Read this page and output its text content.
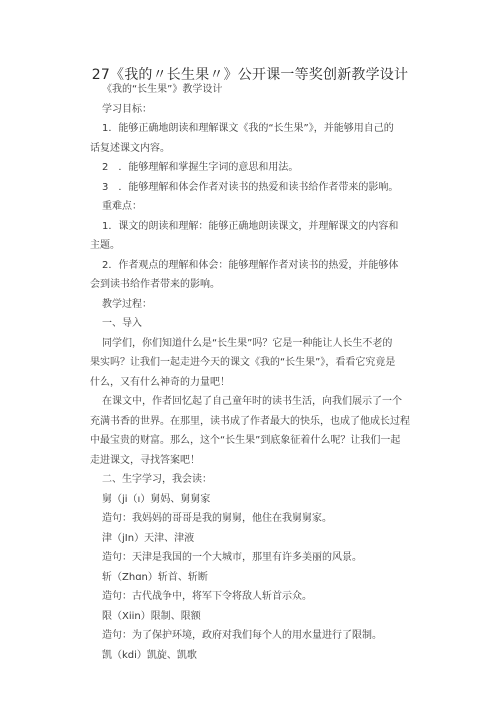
27《我的〃长生果〃》公开课一等奖创新教学设计

《我的“长生果”》教学设计

学习目标：

1．能够正确地朗读和理解课文《我的“长生果”》，并能够用自己的

话复述课文内容。

2　．能够理解和掌握生字词的意思和用法。

3　．能够理解和体会作者对读书的热爱和读书给作者带来的影响。

重难点：

1．课文的朗读和理解：能够正确地朗读课文，并理解课文的内容和

主题。

2．作者观点的理解和体会：能够理解作者对读书的热爱，并能够体

会到读书给作者带来的影响。

教学过程：

一、导入

同学们，你们知道什么是“长生果”吗？它是一种能让人长生不老的

果实吗？让我们一起走进今天的课文《我的“长生果”》，看看它究竟是

什么，又有什么神奇的力量吧！

在课文中，作者回忆起了自己童年时的读书生活，向我们展示了一个

充满书香的世界。在那里，读书成了作者最大的快乐，也成了他成长过程

中最宝贵的财富。那么，这个“长生果”到底象征着什么呢？让我们一起

走进课文，寻找答案吧！

二、生字学习，我会读：

舅（ji（ı）舅妈、舅舅家

造句：我妈妈的哥哥是我的舅舅，他住在我舅舅家。

津（jIn）天津、津液

造句：天津是我国的一个大城市，那里有许多美丽的风景。

斩（Zhɑn）斩首、斩断

造句：古代战争中，将军下令将敌人斩首示众。

限（Xiin）限制、限额

造句：为了保护环境，政府对我们每个人的用水量进行了限制。

凯（kdi）凯旋、凯歌
